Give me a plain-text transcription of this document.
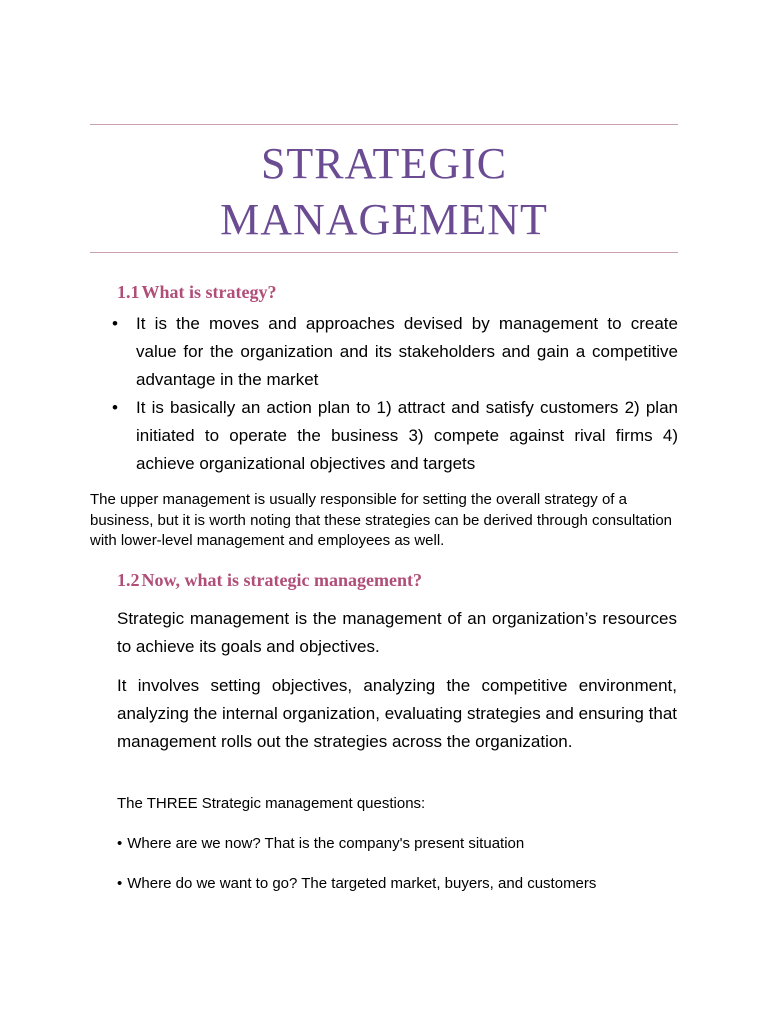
STRATEGIC
MANAGEMENT
1.1 What is strategy?
• It is the moves and approaches devised by management to create value for the organization and its stakeholders and gain a competitive advantage in the market
• It is basically an action plan to 1) attract and satisfy customers 2) plan initiated to operate the business 3) compete against rival firms 4) achieve organizational objectives and targets

The upper management is usually responsible for setting the overall strategy of a business, but it is worth noting that these strategies can be derived through consultation with lower-level management and employees as well.

1.2 Now, what is strategic management?

Strategic management is the management of an organization’s resources to achieve its goals and objectives.

It involves setting objectives, analyzing the competitive environment, analyzing the internal organization, evaluating strategies and ensuring that management rolls out the strategies across the organization.

The THREE Strategic management questions:

• Where are we now? That is the company's present situation

• Where do we want to go? The targeted market, buyers, and customers
